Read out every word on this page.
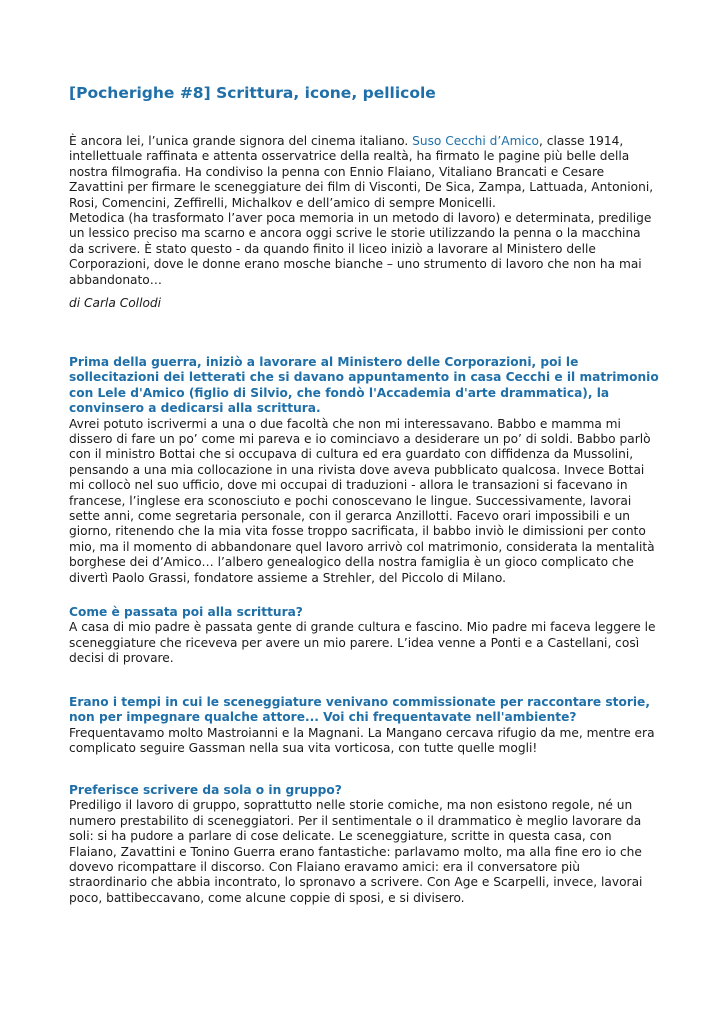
[Pocherighe #8] Scrittura, icone, pellicole

È ancora lei, l’unica grande signora del cinema italiano. Suso Cecchi d’Amico, classe 1914, intellettuale raffinata e attenta osservatrice della realtà, ha firmato le pagine più belle della nostra filmografia. Ha condiviso la penna con Ennio Flaiano, Vitaliano Brancati e Cesare Zavattini per firmare le sceneggiature dei film di Visconti, De Sica, Zampa, Lattuada, Antonioni, Rosi, Comencini, Zeffirelli, Michalkov e dell’amico di sempre Monicelli.

Metodica (ha trasformato l’aver poca memoria in un metodo di lavoro) e determinata, predilige un lessico preciso ma scarno e ancora oggi scrive le storie utilizzando la penna o la macchina da scrivere. È stato questo - da quando finito il liceo iniziò a lavorare al Ministero delle Corporazioni, dove le donne erano mosche bianche – uno strumento di lavoro che non ha mai abbandonato…

di Carla Collodi

Prima della guerra, iniziò a lavorare al Ministero delle Corporazioni, poi le sollecitazioni dei letterati che si davano appuntamento in casa Cecchi e il matrimonio con Lele d'Amico (figlio di Silvio, che fondò l'Accademia d'arte drammatica), la convinsero a dedicarsi alla scrittura.

Avrei potuto iscrivermi a una o due facoltà che non mi interessavano. Babbo e mamma mi dissero di fare un po’ come mi pareva e io cominciavo a desiderare un po’ di soldi. Babbo parlò con il ministro Bottai che si occupava di cultura ed era guardato con diffidenza da Mussolini, pensando a una mia collocazione in una rivista dove aveva pubblicato qualcosa. Invece Bottai mi collocò nel suo ufficio, dove mi occupai di traduzioni - allora le transazioni si facevano in francese, l’inglese era sconosciuto e pochi conoscevano le lingue. Successivamente, lavorai sette anni, come segretaria personale, con il gerarca Anzillotti. Facevo orari impossibili e un giorno, ritenendo che la mia vita fosse troppo sacrificata, il babbo inviò le dimissioni per conto mio, ma il momento di abbandonare quel lavoro arrivò col matrimonio, considerata la mentalità borghese dei d’Amico… l’albero genealogico della nostra famiglia è un gioco complicato che divertì Paolo Grassi, fondatore assieme a Strehler, del Piccolo di Milano.

Come è passata poi alla scrittura?

A casa di mio padre è passata gente di grande cultura e fascino. Mio padre mi faceva leggere le sceneggiature che riceveva per avere un mio parere. L’idea venne a Ponti e a Castellani, così decisi di provare.

Erano i tempi in cui le sceneggiature venivano commissionate per raccontare storie, non per impegnare qualche attore... Voi chi frequentavate nell'ambiente?

Frequentavamo molto Mastroianni e la Magnani. La Mangano cercava rifugio da me, mentre era complicato seguire Gassman nella sua vita vorticosa, con tutte quelle mogli!

Preferisce scrivere da sola o in gruppo?

Prediligo il lavoro di gruppo, soprattutto nelle storie comiche, ma non esistono regole, né un numero prestabilito di sceneggiatori. Per il sentimentale o il drammatico è meglio lavorare da soli: si ha pudore a parlare di cose delicate. Le sceneggiature, scritte in questa casa, con Flaiano, Zavattini e Tonino Guerra erano fantastiche: parlavamo molto, ma alla fine ero io che dovevo ricompattare il discorso. Con Flaiano eravamo amici: era il conversatore più straordinario che abbia incontrato, lo spronavo a scrivere. Con Age e Scarpelli, invece, lavorai poco, battibeccavano, come alcune coppie di sposi, e si divisero.
